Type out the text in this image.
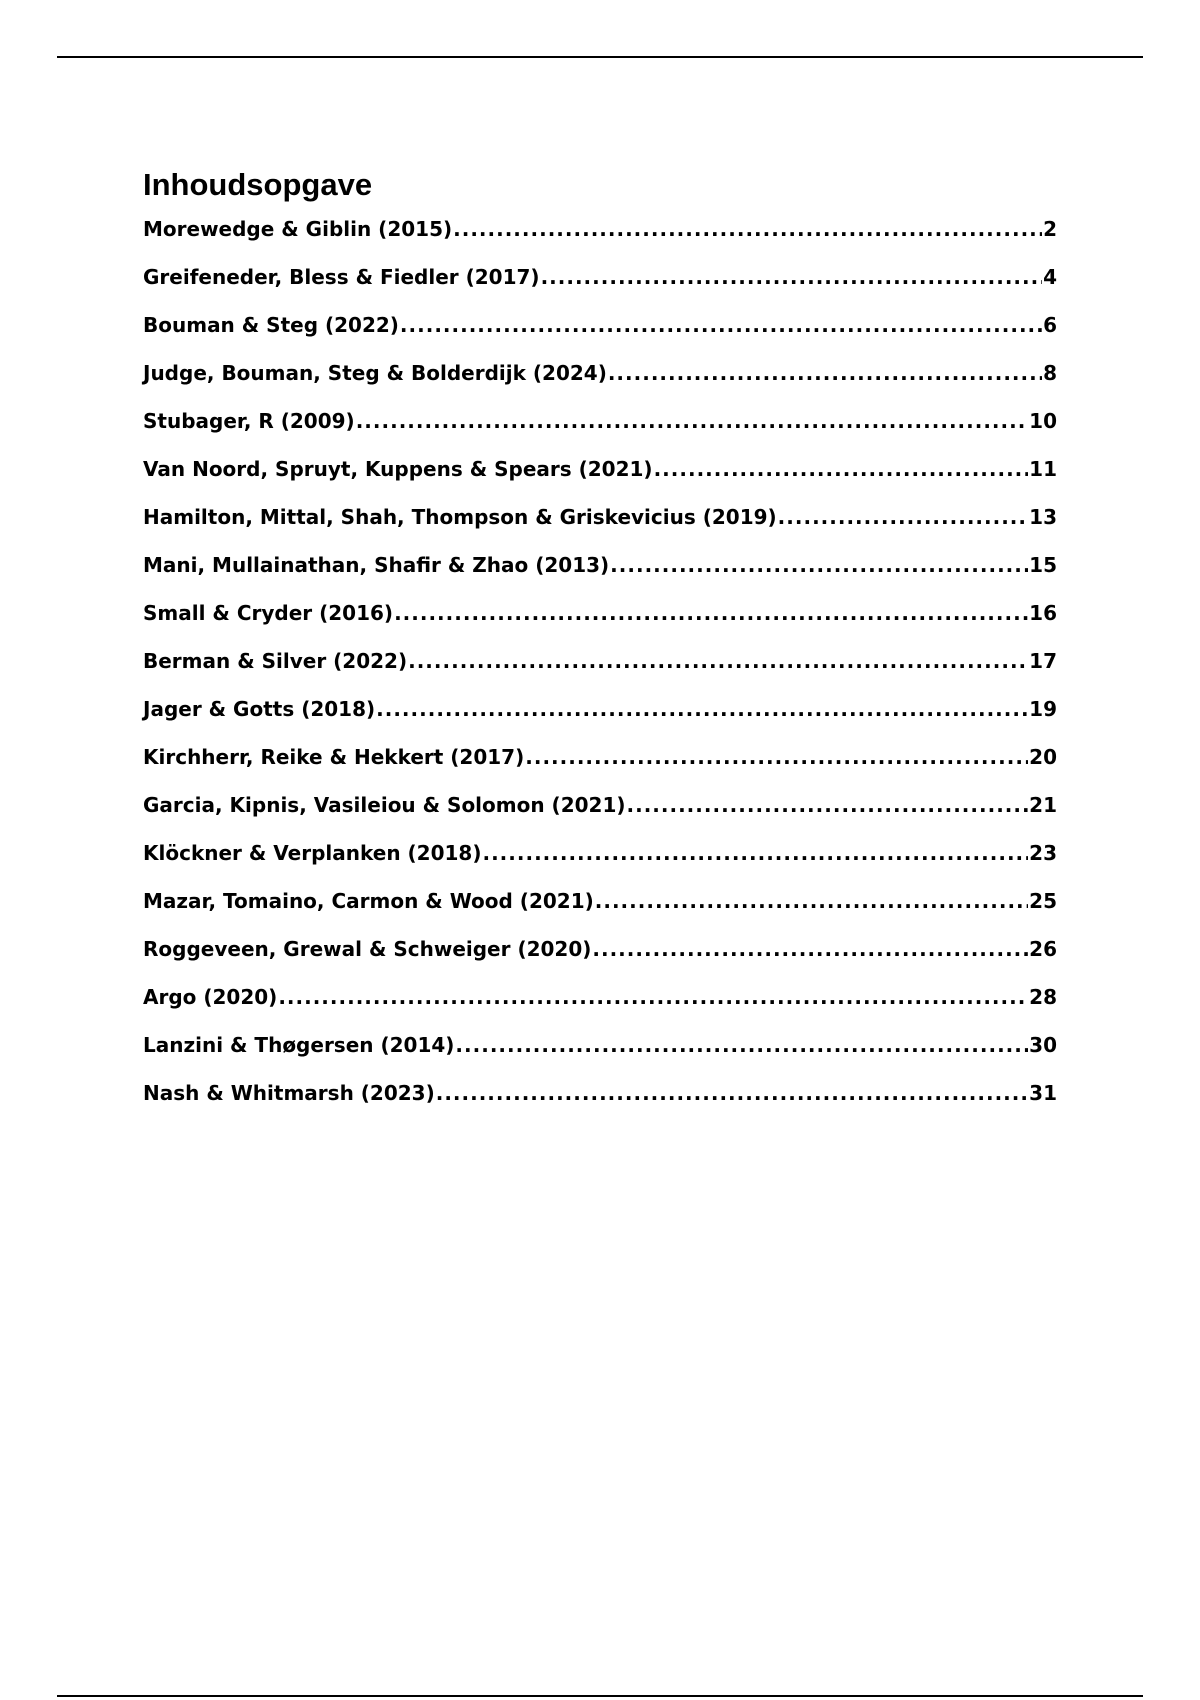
Inhoudsopgave
Morewedge & Giblin (2015) .....	2
Greifeneder, Bless & Fiedler (2017) .....	4
Bouman & Steg (2022) .....	6
Judge, Bouman, Steg & Bolderdijk (2024) .....	8
Stubager, R (2009) .....	10
Van Noord, Spruyt, Kuppens & Spears (2021) .....	11
Hamilton, Mittal, Shah, Thompson & Griskevicius (2019) .....	13
Mani, Mullainathan, Shafir & Zhao (2013) .....	15
Small & Cryder (2016) .....	16
Berman & Silver (2022) .....	17
Jager & Gotts (2018) .....	19
Kirchherr, Reike & Hekkert (2017) .....	20
Garcia, Kipnis, Vasileiou & Solomon (2021) .....	21
Klöckner & Verplanken (2018) .....	23
Mazar, Tomaino, Carmon & Wood (2021) .....	25
Roggeveen, Grewal & Schweiger (2020) .....	26
Argo (2020) .....	28
Lanzini & Thøgersen (2014) .....	30
Nash & Whitmarsh (2023) .....	31
